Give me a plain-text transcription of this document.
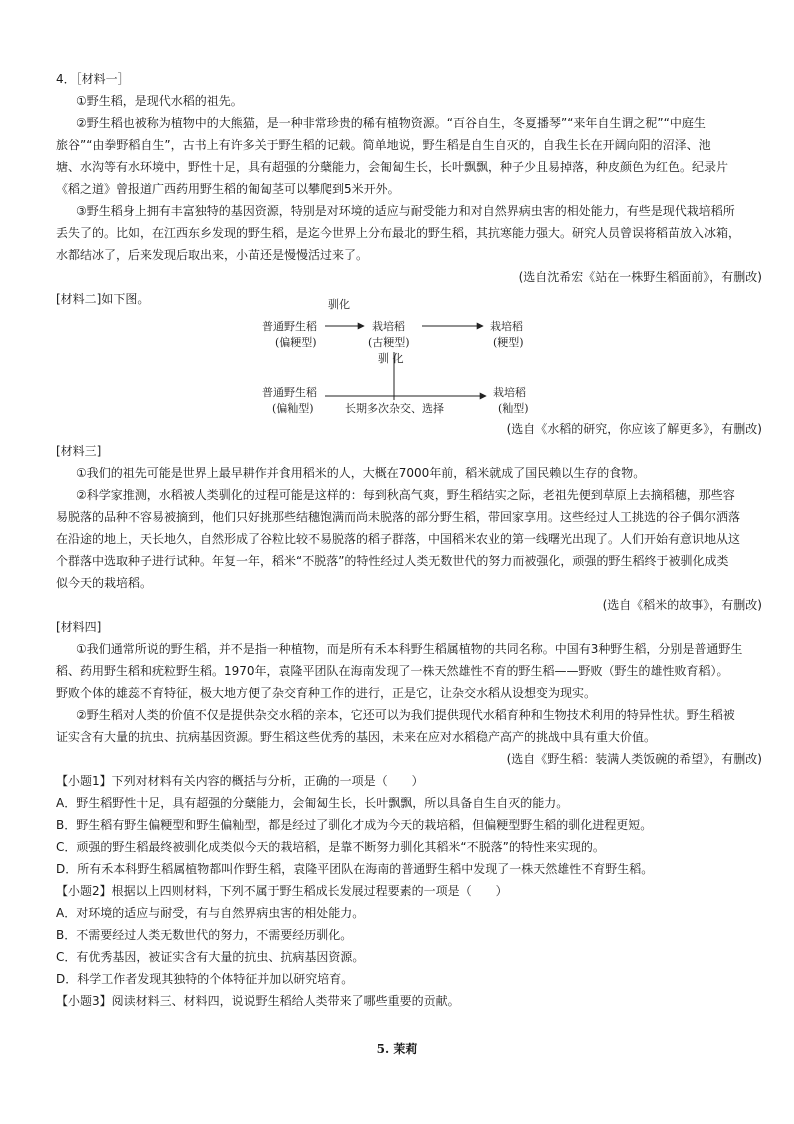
4．［材料一］
①野生稻，是现代水稻的祖先。
②野生稻也被称为植物中的大熊猫，是一种非常珍贵的稀有植物资源。“百谷自生，冬夏播琴”“来年自生谓之秜”“中庭生
旅谷”“由拳野稻自生”，古书上有许多关于野生稻的记载。简单地说，野生稻是自生自灭的，自我生长在开阔向阳的沼泽、池
塘、水沟等有水环境中，野性十足，具有超强的分蘖能力，会匍匐生长，长叶飘飘，种子少且易掉落，种皮颜色为红色。纪录片
《稻之道》曾报道广西药用野生稻的匍匐茎可以攀爬到5米开外。
③野生稻身上拥有丰富独特的基因资源，特别是对环境的适应与耐受能力和对自然界病虫害的相处能力，有些是现代栽培稻所
丢失了的。比如，在江西东乡发现的野生稻，是迄今世界上分布最北的野生稻，其抗寒能力强大。研究人员曾误将稻苗放入冰箱，
水都结冰了，后来发现后取出来，小苗还是慢慢活过来了。
(选自沈希宏《站在一株野生稻面前》，有删改)
[材料二]如下图。	驯化
普通野生稻
(偏粳型)
栽培稻
(古粳型)
栽培稻
(粳型)
驯 化
普通野生稻
(偏籼型)	长期多次杂交、选择
栽培稻
(籼型)
(选自《水稻的研究，你应该了解更多》，有删改)
[材料三]
①我们的祖先可能是世界上最早耕作并食用稻米的人，大概在7000年前，稻米就成了国民赖以生存的食物。
②科学家推测，水稻被人类驯化的过程可能是这样的：每到秋高气爽，野生稻结实之际，老祖先便到草原上去摘稻穗，那些容
易脱落的品种不容易被摘到，他们只好挑那些结穗饱满而尚未脱落的部分野生稻，带回家享用。这些经过人工挑选的谷子偶尔洒落
在沿途的地上，天长地久，自然形成了谷粒比较不易脱落的稻子群落，中国稻米农业的第一线曙光出现了。人们开始有意识地从这
个群落中选取种子进行试种。年复一年，稻米“不脱落”的特性经过人类无数世代的努力而被强化，顽强的野生稻终于被驯化成类
似今天的栽培稻。
(选自《稻米的故事》，有删改)
[材料四]
①我们通常所说的野生稻，并不是指一种植物，而是所有禾本科野生稻属植物的共同名称。中国有3种野生稻，分别是普通野生
稻、药用野生稻和疣粒野生稻。1970年，袁隆平团队在海南发现了一株天然雄性不育的野生稻——野败（野生的雄性败育稻）。
野败个体的雄蕊不育特征，极大地方便了杂交育种工作的进行，正是它，让杂交水稻从设想变为现实。
②野生稻对人类的价值不仅是提供杂交水稻的亲本，它还可以为我们提供现代水稻育种和生物技术利用的特异性状。野生稻被
证实含有大量的抗虫、抗病基因资源。野生稻这些优秀的基因，未来在应对水稻稳产高产的挑战中具有重大价值。
(选自《野生稻：装满人类饭碗的希望》，有删改)
【小题1】下列对材料有关内容的概括与分析，正确的一项是（　　）
A．野生稻野性十足，具有超强的分蘖能力，会匍匐生长，长叶飘飘，所以具备自生自灭的能力。
B．野生稻有野生偏粳型和野生偏籼型，都是经过了驯化才成为今天的栽培稻，但偏粳型野生稻的驯化进程更短。
C．顽强的野生稻最终被驯化成类似今天的栽培稻，是靠不断努力驯化其稻米“不脱落”的特性来实现的。
D．所有禾本科野生稻属植物都叫作野生稻，袁隆平团队在海南的普通野生稻中发现了一株天然雄性不育野生稻。
【小题2】根据以上四则材料，下列不属于野生稻成长发展过程要素的一项是（　　）
A．对环境的适应与耐受，有与自然界病虫害的相处能力。
B．不需要经过人类无数世代的努力，不需要经历驯化。
C．有优秀基因，被证实含有大量的抗虫、抗病基因资源。
D．科学工作者发现其独特的个体特征并加以研究培育。
【小题3】阅读材料三、材料四，说说野生稻给人类带来了哪些重要的贡献。
5. 茉莉
